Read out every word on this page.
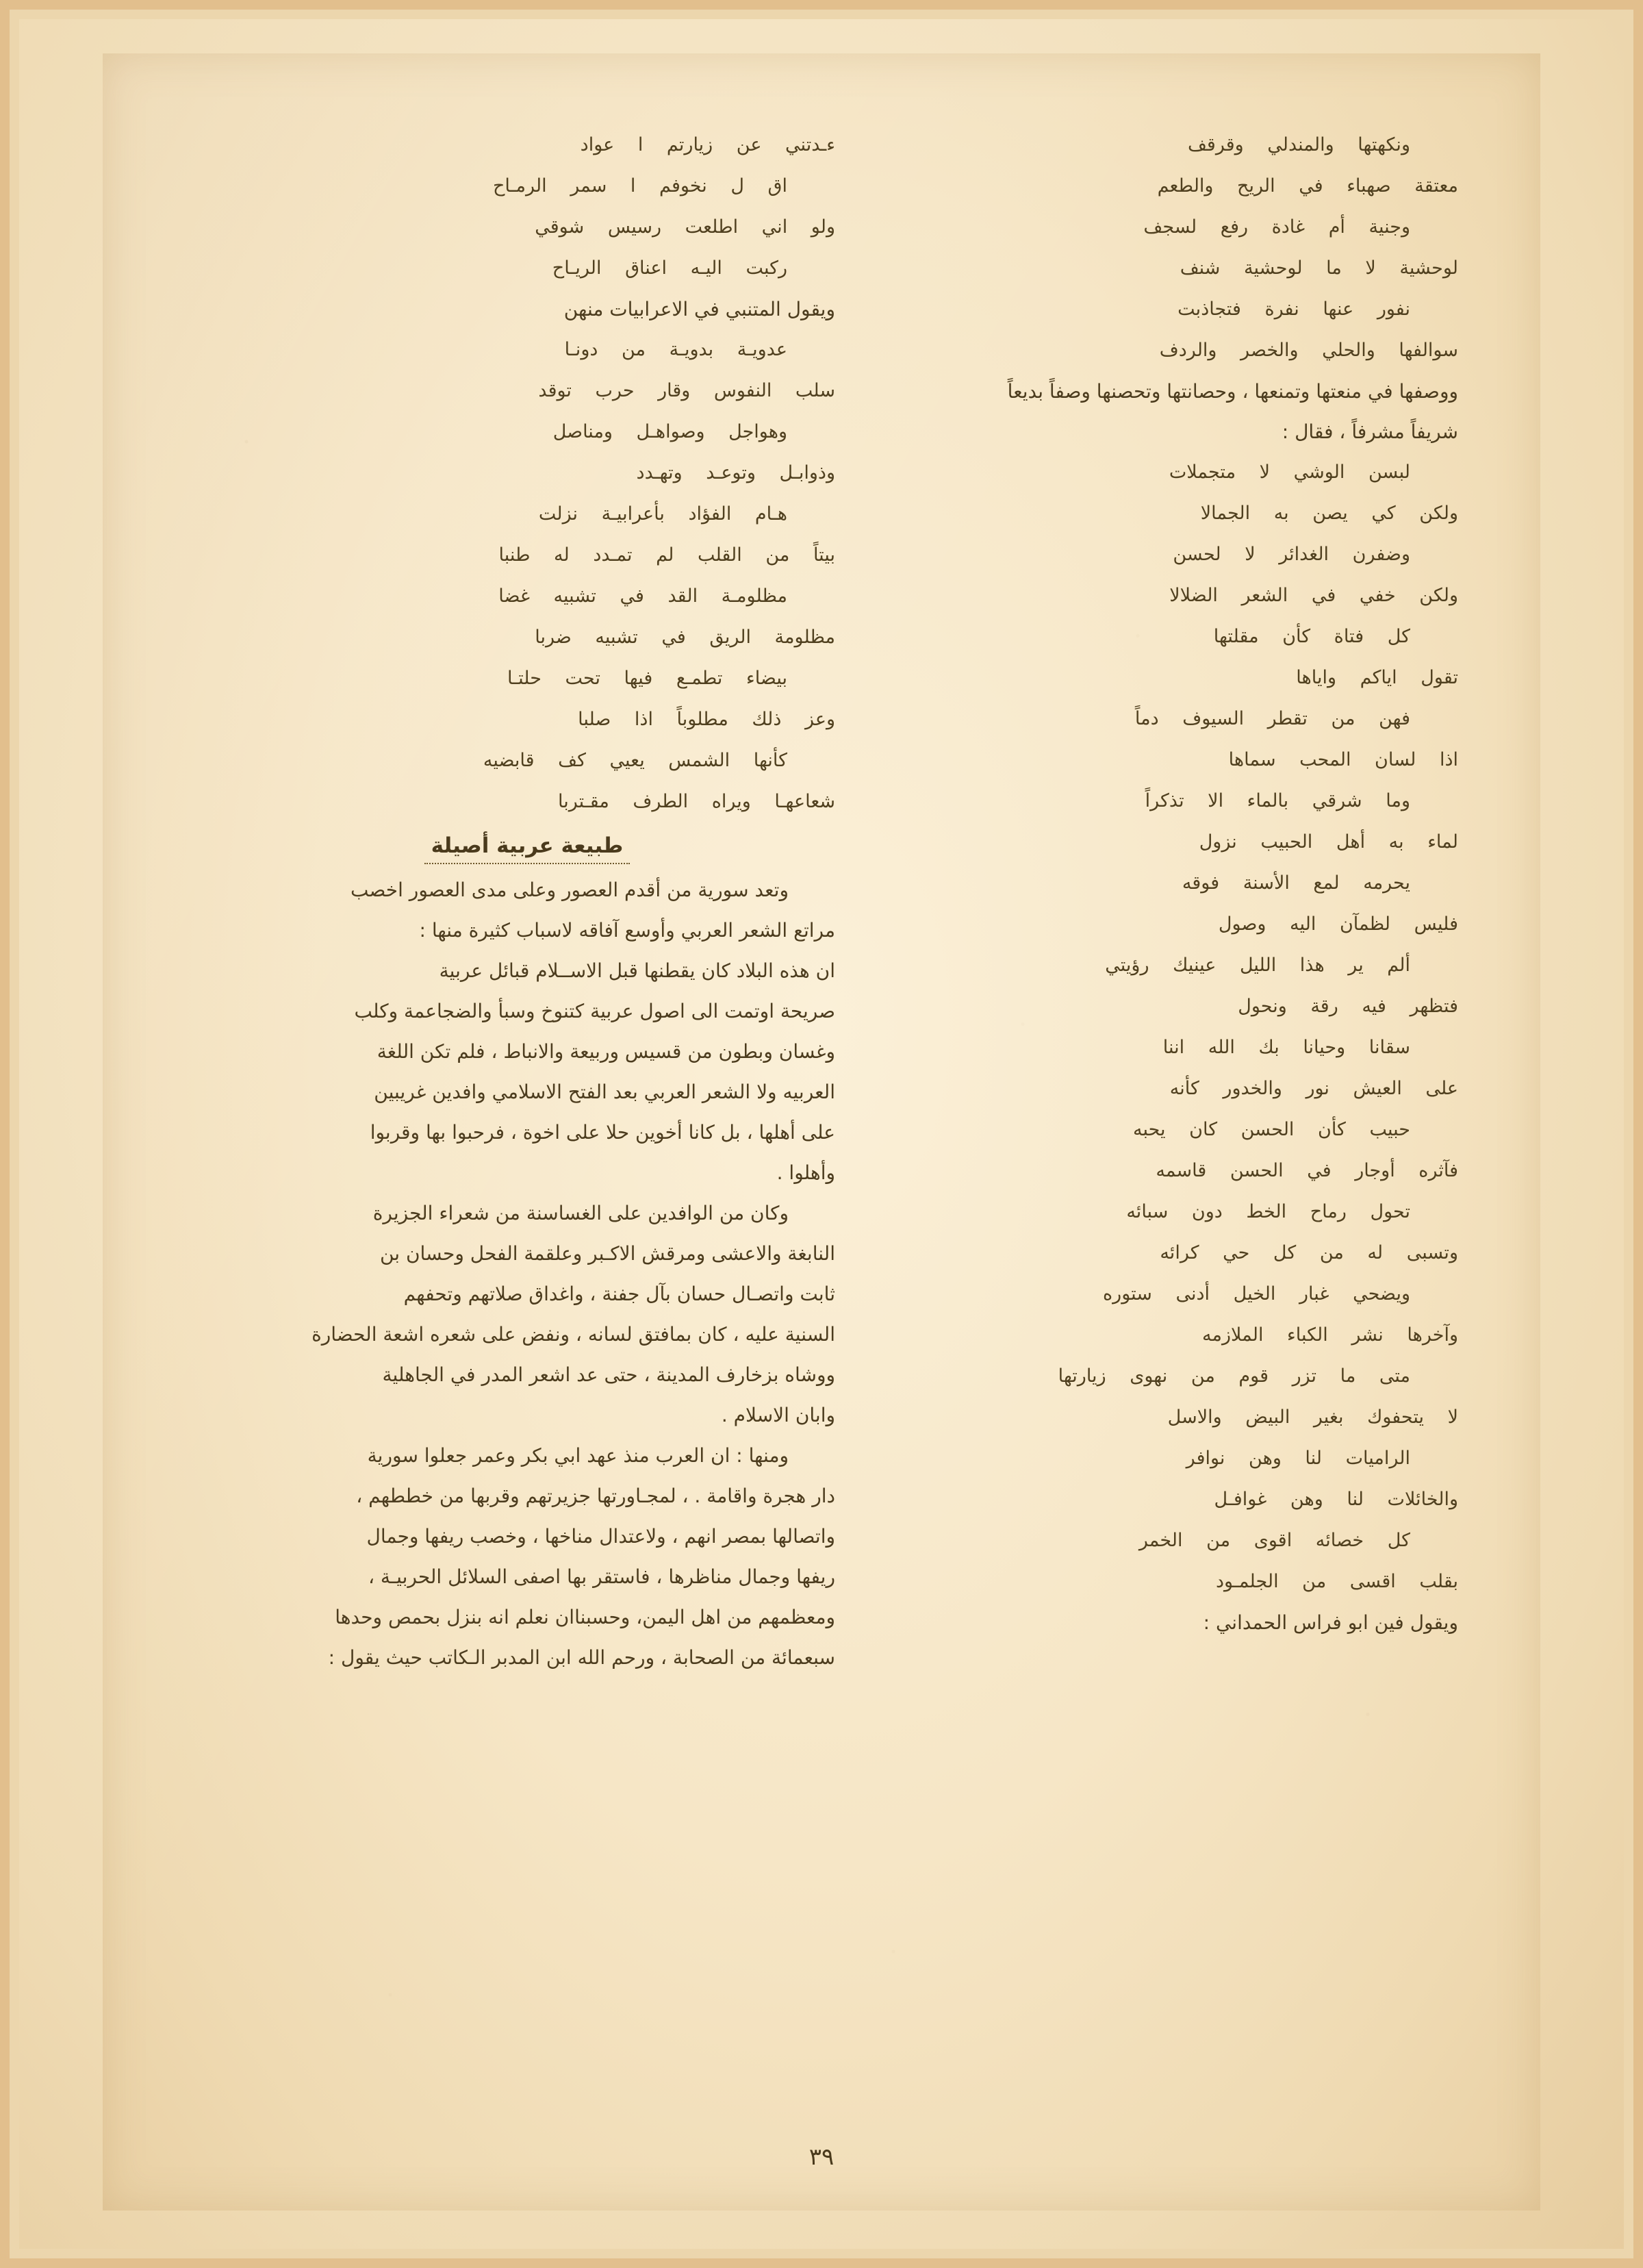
ونكهتها والمندلي وقرقف
معتقة صهباء في الريح والطعم
وجنية أم غادة رفع لسجف
لوحشية لا ما لوحشية شنف
نفور عنها نفرة فتجاذبت
سوالفها والحلي والخصر والردف
ووصفها في منعتها وتمنعها ، وحصانتها وتحصنها وصفاً بديعاً
شريفاً مشرفاً ، فقال :
لبسن الوشي لا متجملات
ولكن كي يصن به الجمالا
وضفرن الغدائر لا لحسن
ولكن خفي في الشعر الضلالا
كل فتاة كأن مقلتها
تقول اياكم واياها
فهن من تقطر السيوف دماً
اذا لسان المحب سماها
وما شرقي بالماء الا تذكراً
لماء به أهل الحبيب نزول
يحرمه لمع الأسنة فوقه
فليس لظمآن اليه وصول
ألم ير هذا الليل عينيك رؤيتي
فتظهر فيه رقة ونحول
سقانا وحيانا بك الله اننا
على العيش نور والخدور كأنه
حبيب كأن الحسن كان يحبه
فآثره أوجار في الحسن قاسمه
تحول رماح الخط دون سبائه
وتسبى له من كل حي كرائه
ويضحي غبار الخيل أدنى ستوره
وآخرها نشر الكباء الملازمه
متى ما تزر قوم من نهوى زيارتها
لا يتحفوك بغير البيض والاسل
الراميات لنا وهن نوافر
والخائلات لنا وهن غوافـل
كل خصائه اقوى من الخمر
بقلب اقسى من الجلمـود
ويقول فين ابو فراس الحمداني :
ءـدتني عن زيارتم ا عواد
اق ل نخوفم ا سمر الرمـاح
ولو اني اطلعت رسيس شوقي
ركبت اليـه اعناق الريـاح
ويقول المتنبي في الاعرابيات منهن
عدويـة بدويـة من دونـا
سلب النفوس وقار حرب توقد
وهواجل وصواهـل ومناصل
وذوابـل وتوعـد وتهـدد
هـام الفؤاد بأعرابيـة نزلت
بيتاً من القلب لم تمـدد له طنبا
مظلومـة القد في تشبيه غضا
مظلومة الريق في تشبيه ضربا
بيضاء تطمـع فيها تحت حلتـا
وعز ذلك مطلوباً اذا صلبا
كأنها الشمس يعيي كف قابضيه
شعاعهـا ويراه الطرف مقـتربا
طبيعة عربية أصيلة
وتعد سورية من أقدم العصور وعلى مدى العصور اخصب
مراتع الشعر العربي وأوسع آفاقه لاسباب كثيرة منها :
ان هذه البلاد كان يقطنها قبل الاســلام قبائل عربية
صريحة اوتمت الى اصول عربية كتنوخ وسبأ والضجاعمة وكلب
وغسان وبطون من قسيس وربيعة والانباط ، فلم تكن اللغة
العربيه ولا الشعر العربي بعد الفتح الاسلامي وافدين غريبين
على أهلها ، بل كانا أخوين حلا على اخوة ، فرحبوا بها وقربوا
وأهلوا .
وكان من الوافدين على الغساسنة من شعراء الجزيرة
النابغة والاعشى ومرقش الاكـبر وعلقمة الفحل وحسان بن
ثابت واتصـال حسان بآل جفنة ، واغداق صلاتهم وتحفهم
السنية عليه ، كان بمافتق لسانه ، ونفض على شعره اشعة الحضارة
ووشاه بزخارف المدينة ، حتى عد اشعر المدر في الجاهلية
وابان الاسلام .
ومنها : ان العرب منذ عهد ابي بكر وعمر جعلوا سورية
دار هجرة واقامة . ، لمجـاورتها جزيرتهم وقربها من خططهم ،
واتصالها بمصر انهم ، ولاعتدال مناخها ، وخصب ريفها وجمال
ريفها وجمال مناظرها ، فاستقر بها اصفى السلائل الحربيـة ،
ومعظمهم من اهل اليمن، وحسبناان نعلم انه بنزل بحمص وحدها
سبعمائة من الصحابة ، ورحم الله ابن المدبر الـكاتب حيث يقول :
٣٩
